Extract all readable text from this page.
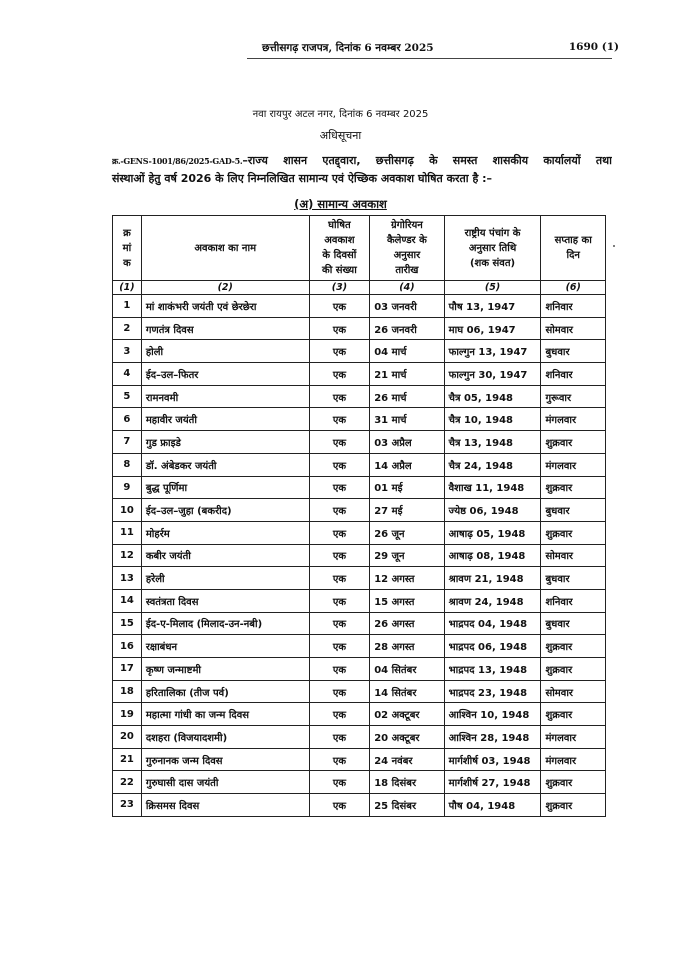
छत्तीसगढ़ राजपत्र, दिनांक 6 नवम्बर 2025	1690 (1)
नवा रायपुर अटल नगर, दिनांक 6 नवम्बर 2025
अधिसूचना
क्र.-GENS-1001/86/2025-GAD-5.–राज्य शासन एतद्द्वारा, छत्तीसगढ़ के समस्त शासकीय कार्यालयों तथा
संस्थाओं हेतु वर्ष 2026 के लिए निम्नलिखित सामान्य एवं ऐच्छिक अवकाश घोषित करता है :–
(अ) सामान्य अवकाश
क्र
मां
क	अवकाश का नाम	घोषित
अवकाश
के दिवसों
की संख्या	ग्रेगोरियन
कैलेण्डर के
अनुसार
तारीख	राष्ट्रीय पंचांग के
अनुसार तिथि
(शक संवत)	सप्ताह का
दिन
(1)	(2)	(3)	(4)	(5)	(6)
1	मां शाकंभरी जयंती एवं छेरछेरा	एक	03 जनवरी	पौष 13, 1947	शनिवार
2	गणतंत्र दिवस	एक	26 जनवरी	माघ 06, 1947	सोमवार
3	होली	एक	04 मार्च	फाल्गुन 13, 1947	बुधवार
4	ईद–उल–फितर	एक	21 मार्च	फाल्गुन 30, 1947	शनिवार
5	रामनवमी	एक	26 मार्च	चैत्र 05, 1948	गुरूवार
6	महावीर जयंती	एक	31 मार्च	चैत्र 10, 1948	मंगलवार
7	गुड फ्राइडे	एक	03 अप्रैल	चैत्र 13, 1948	शुक्रवार
8	डॉ. अंबेडकर जयंती	एक	14 अप्रैल	चैत्र 24, 1948	मंगलवार
9	बुद्ध पूर्णिमा	एक	01 मई	वैशाख 11, 1948	शुक्रवार
10	ईद–उल–जुहा (बकरीद)	एक	27 मई	ज्येष्ठ 06, 1948	बुधवार
11	मोहर्रम	एक	26 जून	आषाढ़ 05, 1948	शुक्रवार
12	कबीर जयंती	एक	29 जून	आषाढ़ 08, 1948	सोमवार
13	हरेली	एक	12 अगस्त	श्रावण 21, 1948	बुधवार
14	स्वतंत्रता दिवस	एक	15 अगस्त	श्रावण 24, 1948	शनिवार
15	ईद-ए-मिलाद (मिलाद-उन-नबी)	एक	26 अगस्त	भाद्रपद 04, 1948	बुधवार
16	रक्षाबंधन	एक	28 अगस्त	भाद्रपद 06, 1948	शुक्रवार
17	कृष्ण जन्माष्टमी	एक	04 सितंबर	भाद्रपद 13, 1948	शुक्रवार
18	हरितालिका (तीज पर्व)	एक	14 सितंबर	भाद्रपद 23, 1948	सोमवार
19	महात्मा गांधी का जन्म दिवस	एक	02 अक्टूबर	आश्विन 10, 1948	शुक्रवार
20	दशहरा (विजयादशमी)	एक	20 अक्टूबर	आश्विन 28, 1948	मंगलवार
21	गुरुनानक जन्म दिवस	एक	24 नवंबर	मार्गशीर्ष 03, 1948	मंगलवार
22	गुरुघासी दास जयंती	एक	18 दिसंबर	मार्गशीर्ष 27, 1948	शुक्रवार
23	क्रिसमस दिवस	एक	25 दिसंबर	पौष 04, 1948	शुक्रवार
